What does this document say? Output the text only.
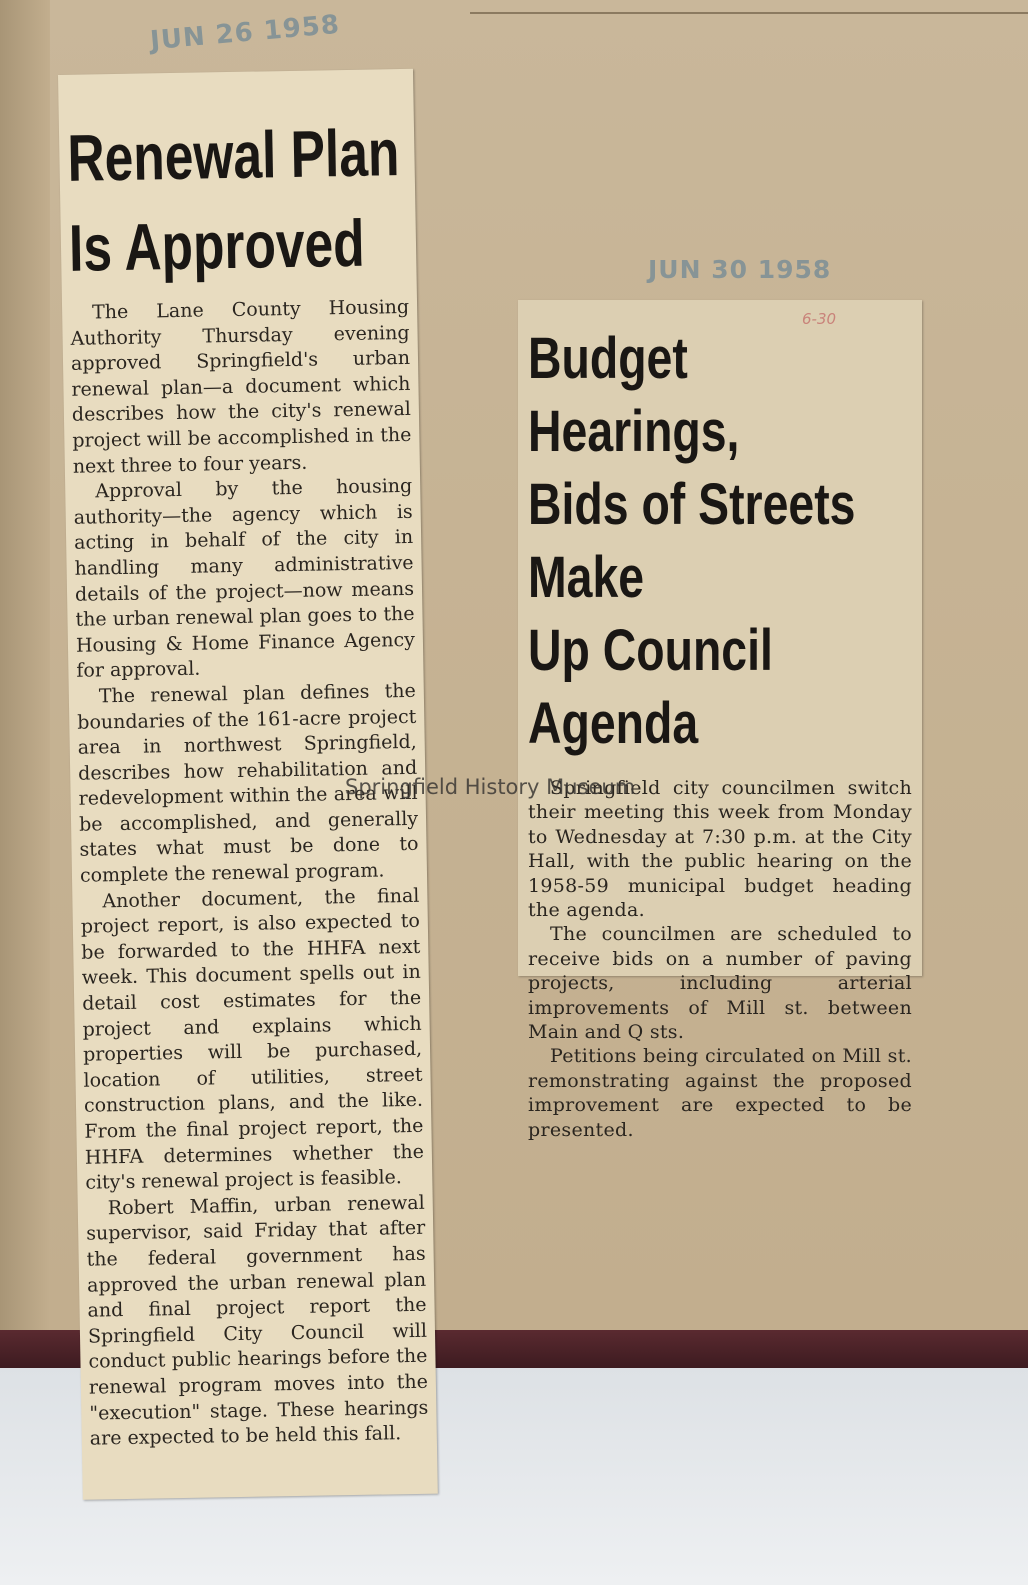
JUN 26 1958
JUN 30 1958
Renewal Plan
Is Approved

The Lane County Housing Authority Thursday evening approved Springfield's urban renewal plan—a document which describes how the city's renewal project will be accomplished in the next three to four years.

Approval by the housing authority—the agency which is acting in behalf of the city in handling many administrative details of the project—now means the urban renewal plan goes to the Housing & Home Finance Agency for approval.

The renewal plan defines the boundaries of the 161-acre project area in northwest Springfield, describes how rehabilitation and redevelopment within the area will be accomplished, and generally states what must be done to complete the renewal program.

Another document, the final project report, is also expected to be forwarded to the HHFA next week. This document spells out in detail cost estimates for the project and explains which properties will be purchased, location of utilities, street construction plans, and the like. From the final project report, the HHFA determines whether the city's renewal project is feasible.

Robert Maffin, urban renewal supervisor, said Friday that after the federal government has approved the urban renewal plan and final project report the Springfield City Council will conduct public hearings before the renewal program moves into the "execution" stage. These hearings are expected to be held this fall.

Budget Hearings,
Bids of Streets Make
Up Council Agenda

Springfield city councilmen switch their meeting this week from Monday to Wednesday at 7:30 p.m. at the City Hall, with the public hearing on the 1958-59 municipal budget heading the agenda.

The councilmen are scheduled to receive bids on a number of paving projects, including arterial improvements of Mill st. between Main and Q sts.

Petitions being circulated on Mill st. remonstrating against the proposed improvement are expected to be presented.

6-30
Springfield History Museum
